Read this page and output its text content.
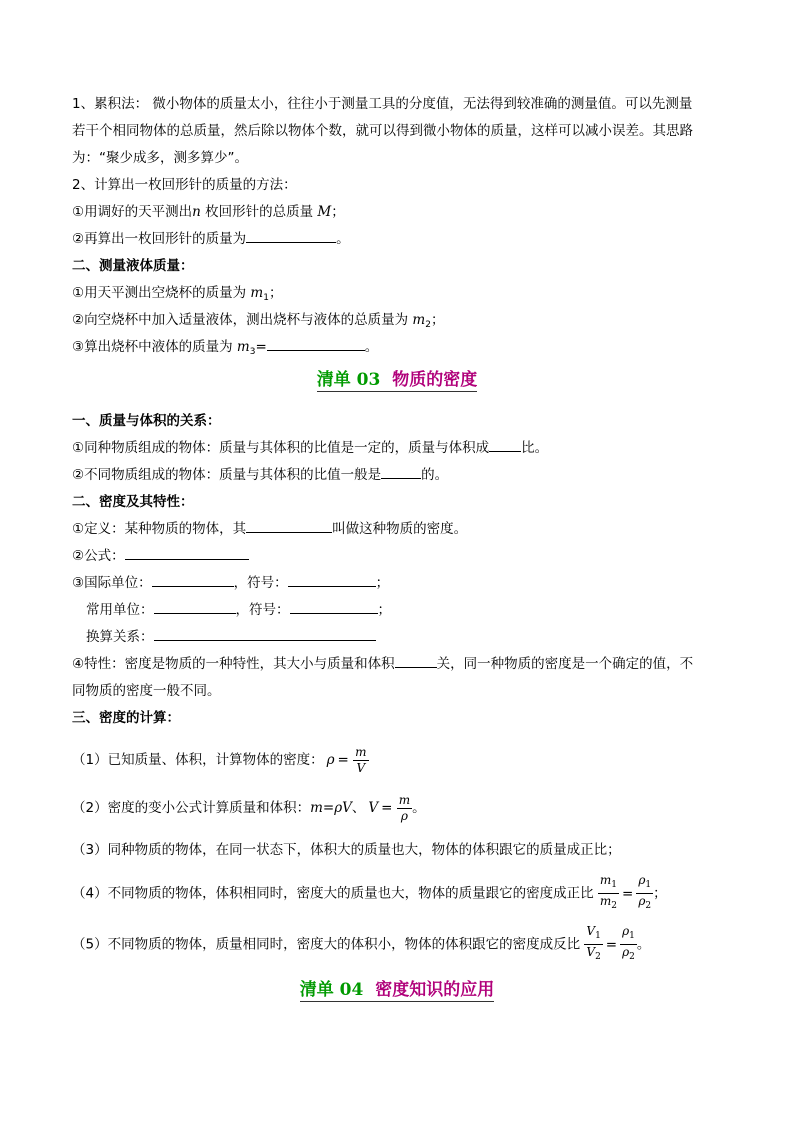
1、累积法： 微小物体的质量太小，往往小于测量工具的分度值，无法得到较准确的测量值。可以先测量
若干个相同物体的总质量，然后除以物体个数，就可以得到微小物体的质量，这样可以减小误差。其思路
为：“聚少成多，测多算少”。
2、计算出一枚回形针的质量的方法：
①用调好的天平测出n 枚回形针的总质量 M；
②再算出一枚回形针的质量为	。
二、测量液体质量：
①用天平测出空烧杯的质量为 $m_1$；
②向空烧杯中加入适量液体，测出烧杯与液体的总质量为 $m_2$；
③算出烧杯中液体的质量为 $m_3=$	。
清单 03 物质的密度
一、质量与体积的关系：
①同种物质组成的物体：质量与其体积的比值是一定的，质量与体积成 比。
②不同物质组成的物体：质量与其体积的比值一般是	的。
二、密度及其特性：
①定义：某种物质的物体，其	叫做这种物质的密度。
②公式：
③国际单位：	，符号：	；
常用单位：	，符号：	；
换算关系：
④特性：密度是物质的一种特性，其大小与质量和体积	关，同一种物质的密度是一个确定的值，不
同物质的密度一般不同。
三、密度的计算：
（1）已知质量、体积，计算物体的密度： $\rho = \frac{m}{V}$
（2）密度的变小公式计算质量和体积：m=ρV、 $V = \frac{m}{\rho}$ 。
（3）同种物质的物体，在同一状态下，体积大的质量也大，物体的体积跟它的质量成正比；
（4）不同物质的物体，体积相同时，密度大的质量也大，物体的质量跟它的密度成正比 $\frac{m_1}{m_2} = \frac{\rho_1}{\rho_2}$ ；
（5）不同物质的物体，质量相同时，密度大的体积小，物体的体积跟它的密度成反比 $\frac{V_1}{V_2} = \frac{\rho_1}{\rho_2}$ 。
清单 04 密度知识的应用
